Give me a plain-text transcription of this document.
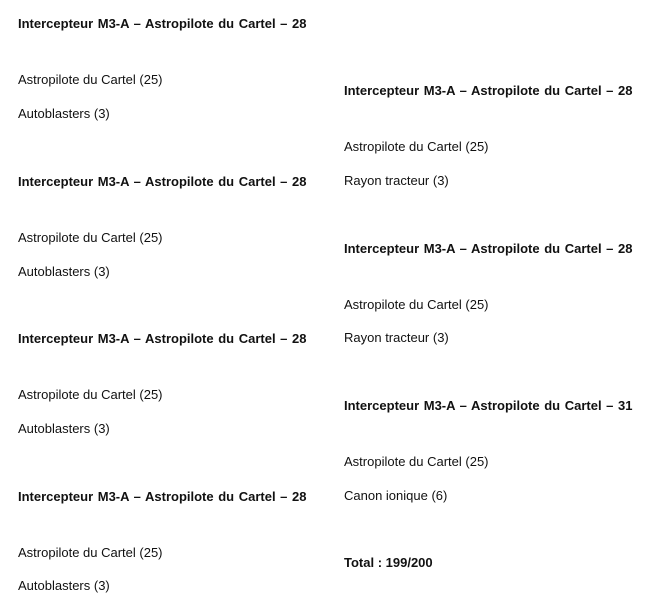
Intercepteur M3-A – Astropilote du Cartel – 28

Astropilote du Cartel (25)

Autoblasters (3)

Intercepteur M3-A – Astropilote du Cartel – 28

Astropilote du Cartel (25)

Autoblasters (3)

Intercepteur M3-A – Astropilote du Cartel – 28

Astropilote du Cartel (25)

Autoblasters (3)

Intercepteur M3-A – Astropilote du Cartel – 28

Astropilote du Cartel (25)

Autoblasters (3)

Intercepteur M3-A – Astropilote du Cartel – 28

Astropilote du Cartel (25)

Rayon tracteur (3)

Intercepteur M3-A – Astropilote du Cartel – 28

Astropilote du Cartel (25)

Rayon tracteur (3)

Intercepteur M3-A – Astropilote du Cartel – 31

Astropilote du Cartel (25)

Canon ionique (6)

Total : 199/200
